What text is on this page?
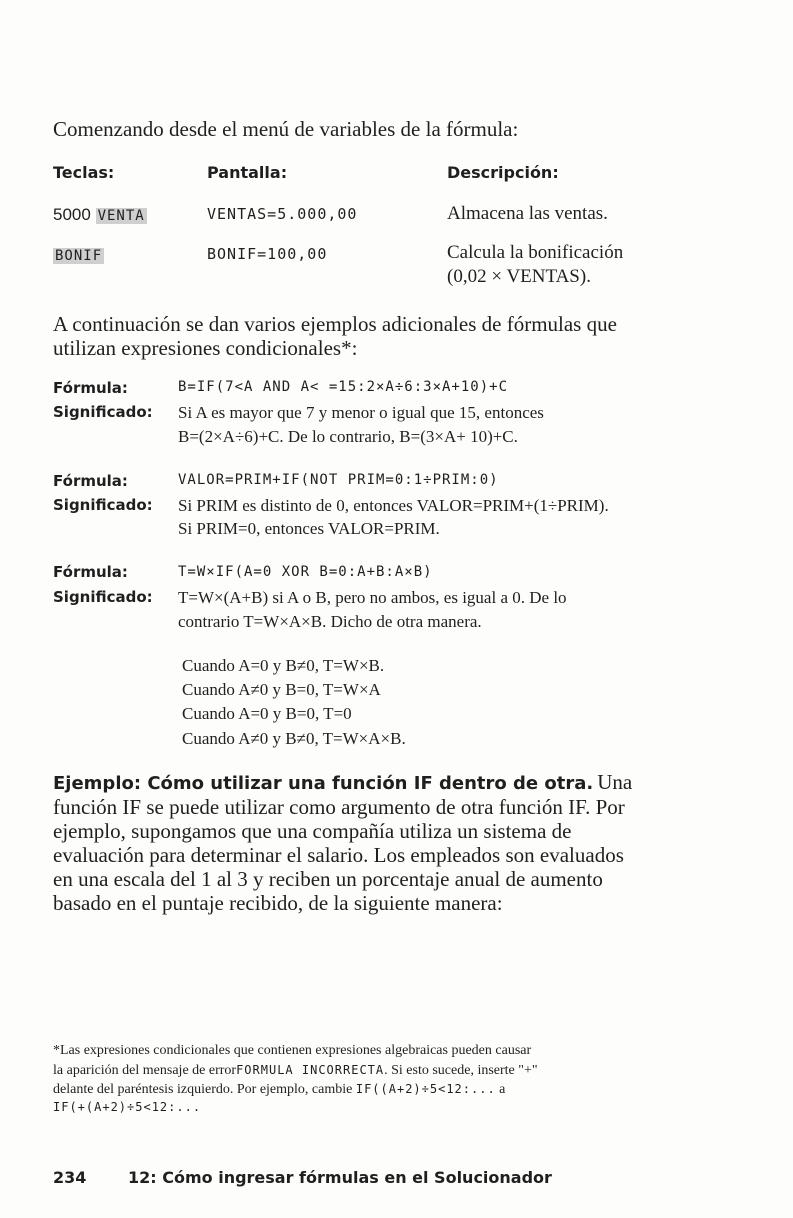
Comenzando desde el menú de variables de la fórmula:
Teclas:	Pantalla:	Descripción:
5000 VENTA	VENTAS=5.000,00	Almacena las ventas.
BONIF	BONIF=100,00	Calcula la bonificación
(0,02 × VENTAS).
A continuación se dan varios ejemplos adicionales de fórmulas que
utilizan expresiones condicionales*:
Fórmula:	B=IF(7<A AND A< =15:2×A÷6:3×A+10)+C
Significado: Si A es mayor que 7 y menor o igual que 15, entonces
B=(2×A÷6)+C. De lo contrario, B=(3×A+ 10)+C.
Fórmula:	VALOR=PRIM+IF(NOT PRIM=0:1÷PRIM:0)
Significado: Si PRIM es distinto de 0, entonces VALOR=PRIM+(1÷PRIM).
Si PRIM=0, entonces VALOR=PRIM.
Fórmula:	T=W×IF(A=0 XOR B=0:A+B:A×B)
Significado: T=W×(A+B) si A o B, pero no ambos, es igual a 0. De lo
contrario T=W×A×B. Dicho de otra manera.
Cuando A=0 y B≠0, T=W×B.
Cuando A≠0 y B=0, T=W×A
Cuando A=0 y B=0, T=0
Cuando A≠0 y B≠0, T=W×A×B.
Ejemplo: Cómo utilizar una función IF dentro de otra. Una
función IF se puede utilizar como argumento de otra función IF. Por
ejemplo, supongamos que una compañía utiliza un sistema de
evaluación para determinar el salario. Los empleados son evaluados
en una escala del 1 al 3 y reciben un porcentaje anual de aumento
basado en el puntaje recibido, de la siguiente manera:
*Las expresiones condicionales que contienen expresiones algebraicas pueden causar
la aparición del mensaje de errorFORMULA INCORRECTA. Si esto sucede, inserte "+"
delante del paréntesis izquierdo. Por ejemplo, cambie IF((A+2)÷5<12:... a
IF(+(A+2)÷5<12:...
234	12: Cómo ingresar fórmulas en el Solucionador
